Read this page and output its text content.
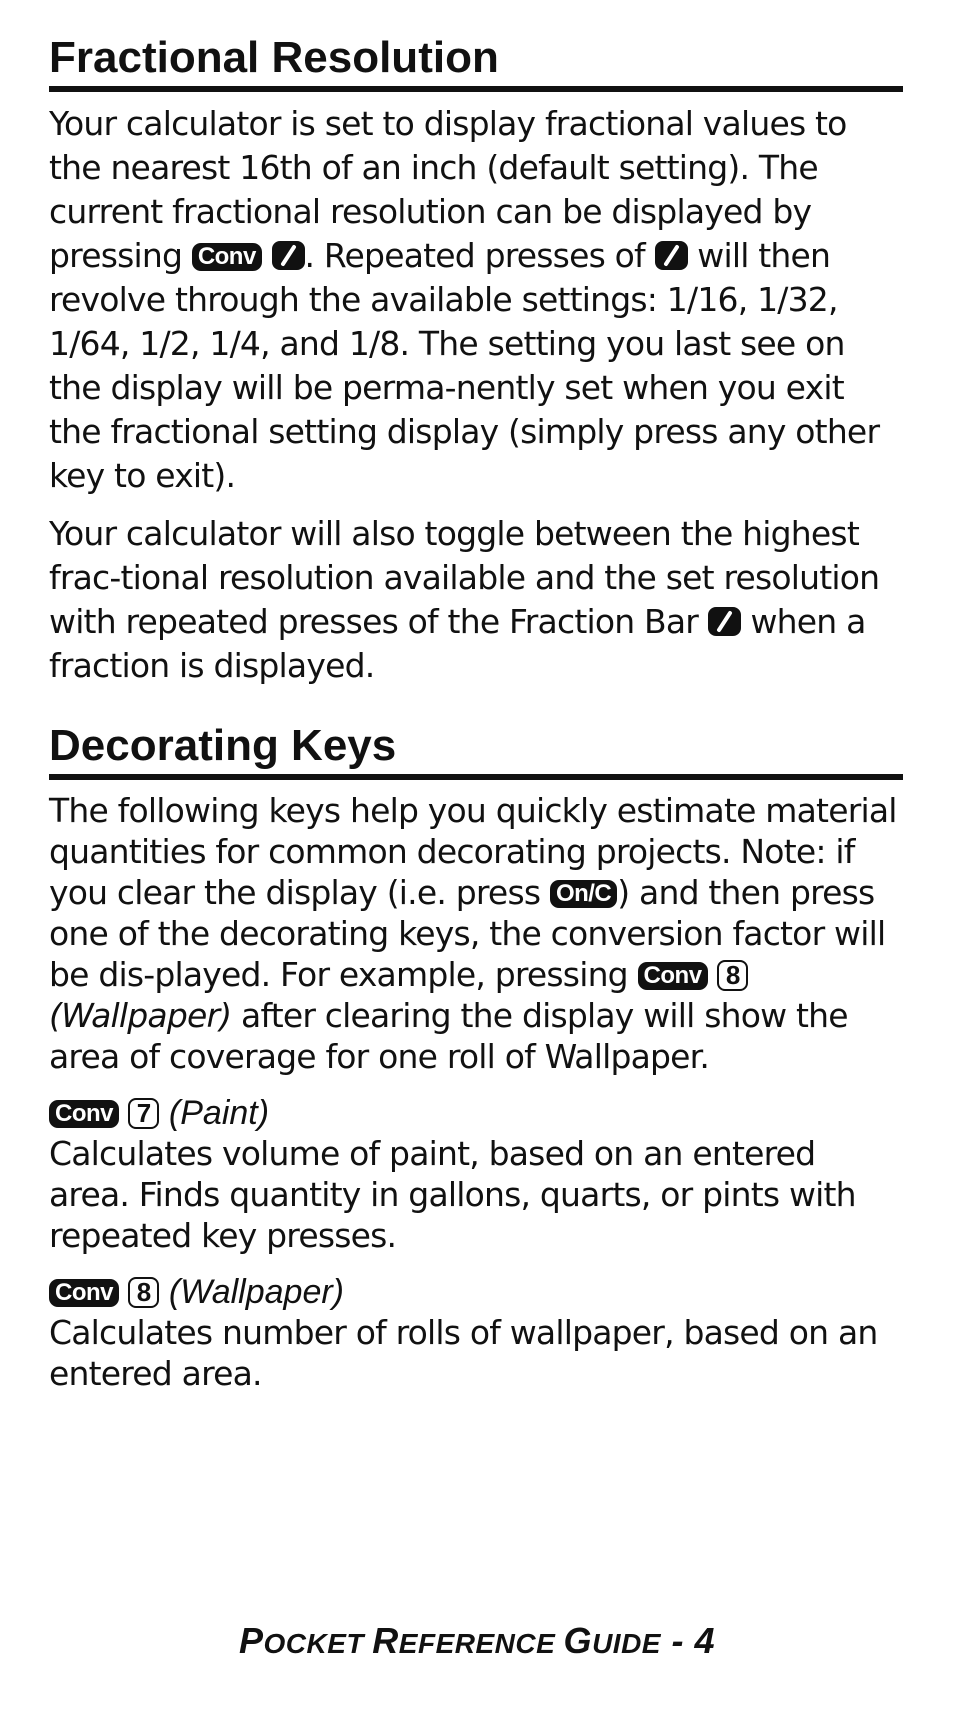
Fractional Resolution

Your calculator is set to display fractional values to the nearest 16th of an inch (default setting). The current fractional resolution can be displayed by pressing Conv . Repeated presses of will then revolve through the available settings: 1/16, 1/32, 1/64, 1/2, 1/4, and 1/8. The setting you last see on the display will be perma-nently set when you exit the fractional setting display (simply press any other key to exit).

Your calculator will also toggle between the highest frac-tional resolution available and the set resolution with repeated presses of the Fraction Bar when a fraction is displayed.

Decorating Keys

The following keys help you quickly estimate material quantities for common decorating projects. Note: if you clear the display (i.e. press On/C ) and then press one of the decorating keys, the conversion factor will be dis-played. For example, pressing Conv 8 (Wallpaper) after clearing the display will show the area of coverage for one roll of Wallpaper.

Conv 7 (Paint)

Calculates volume of paint, based on an entered area. Finds quantity in gallons, quarts, or pints with repeated key presses.

Conv 8 (Wallpaper)

Calculates number of rolls of wallpaper, based on an entered area.

POCKET REFERENCE GUIDE - 4
